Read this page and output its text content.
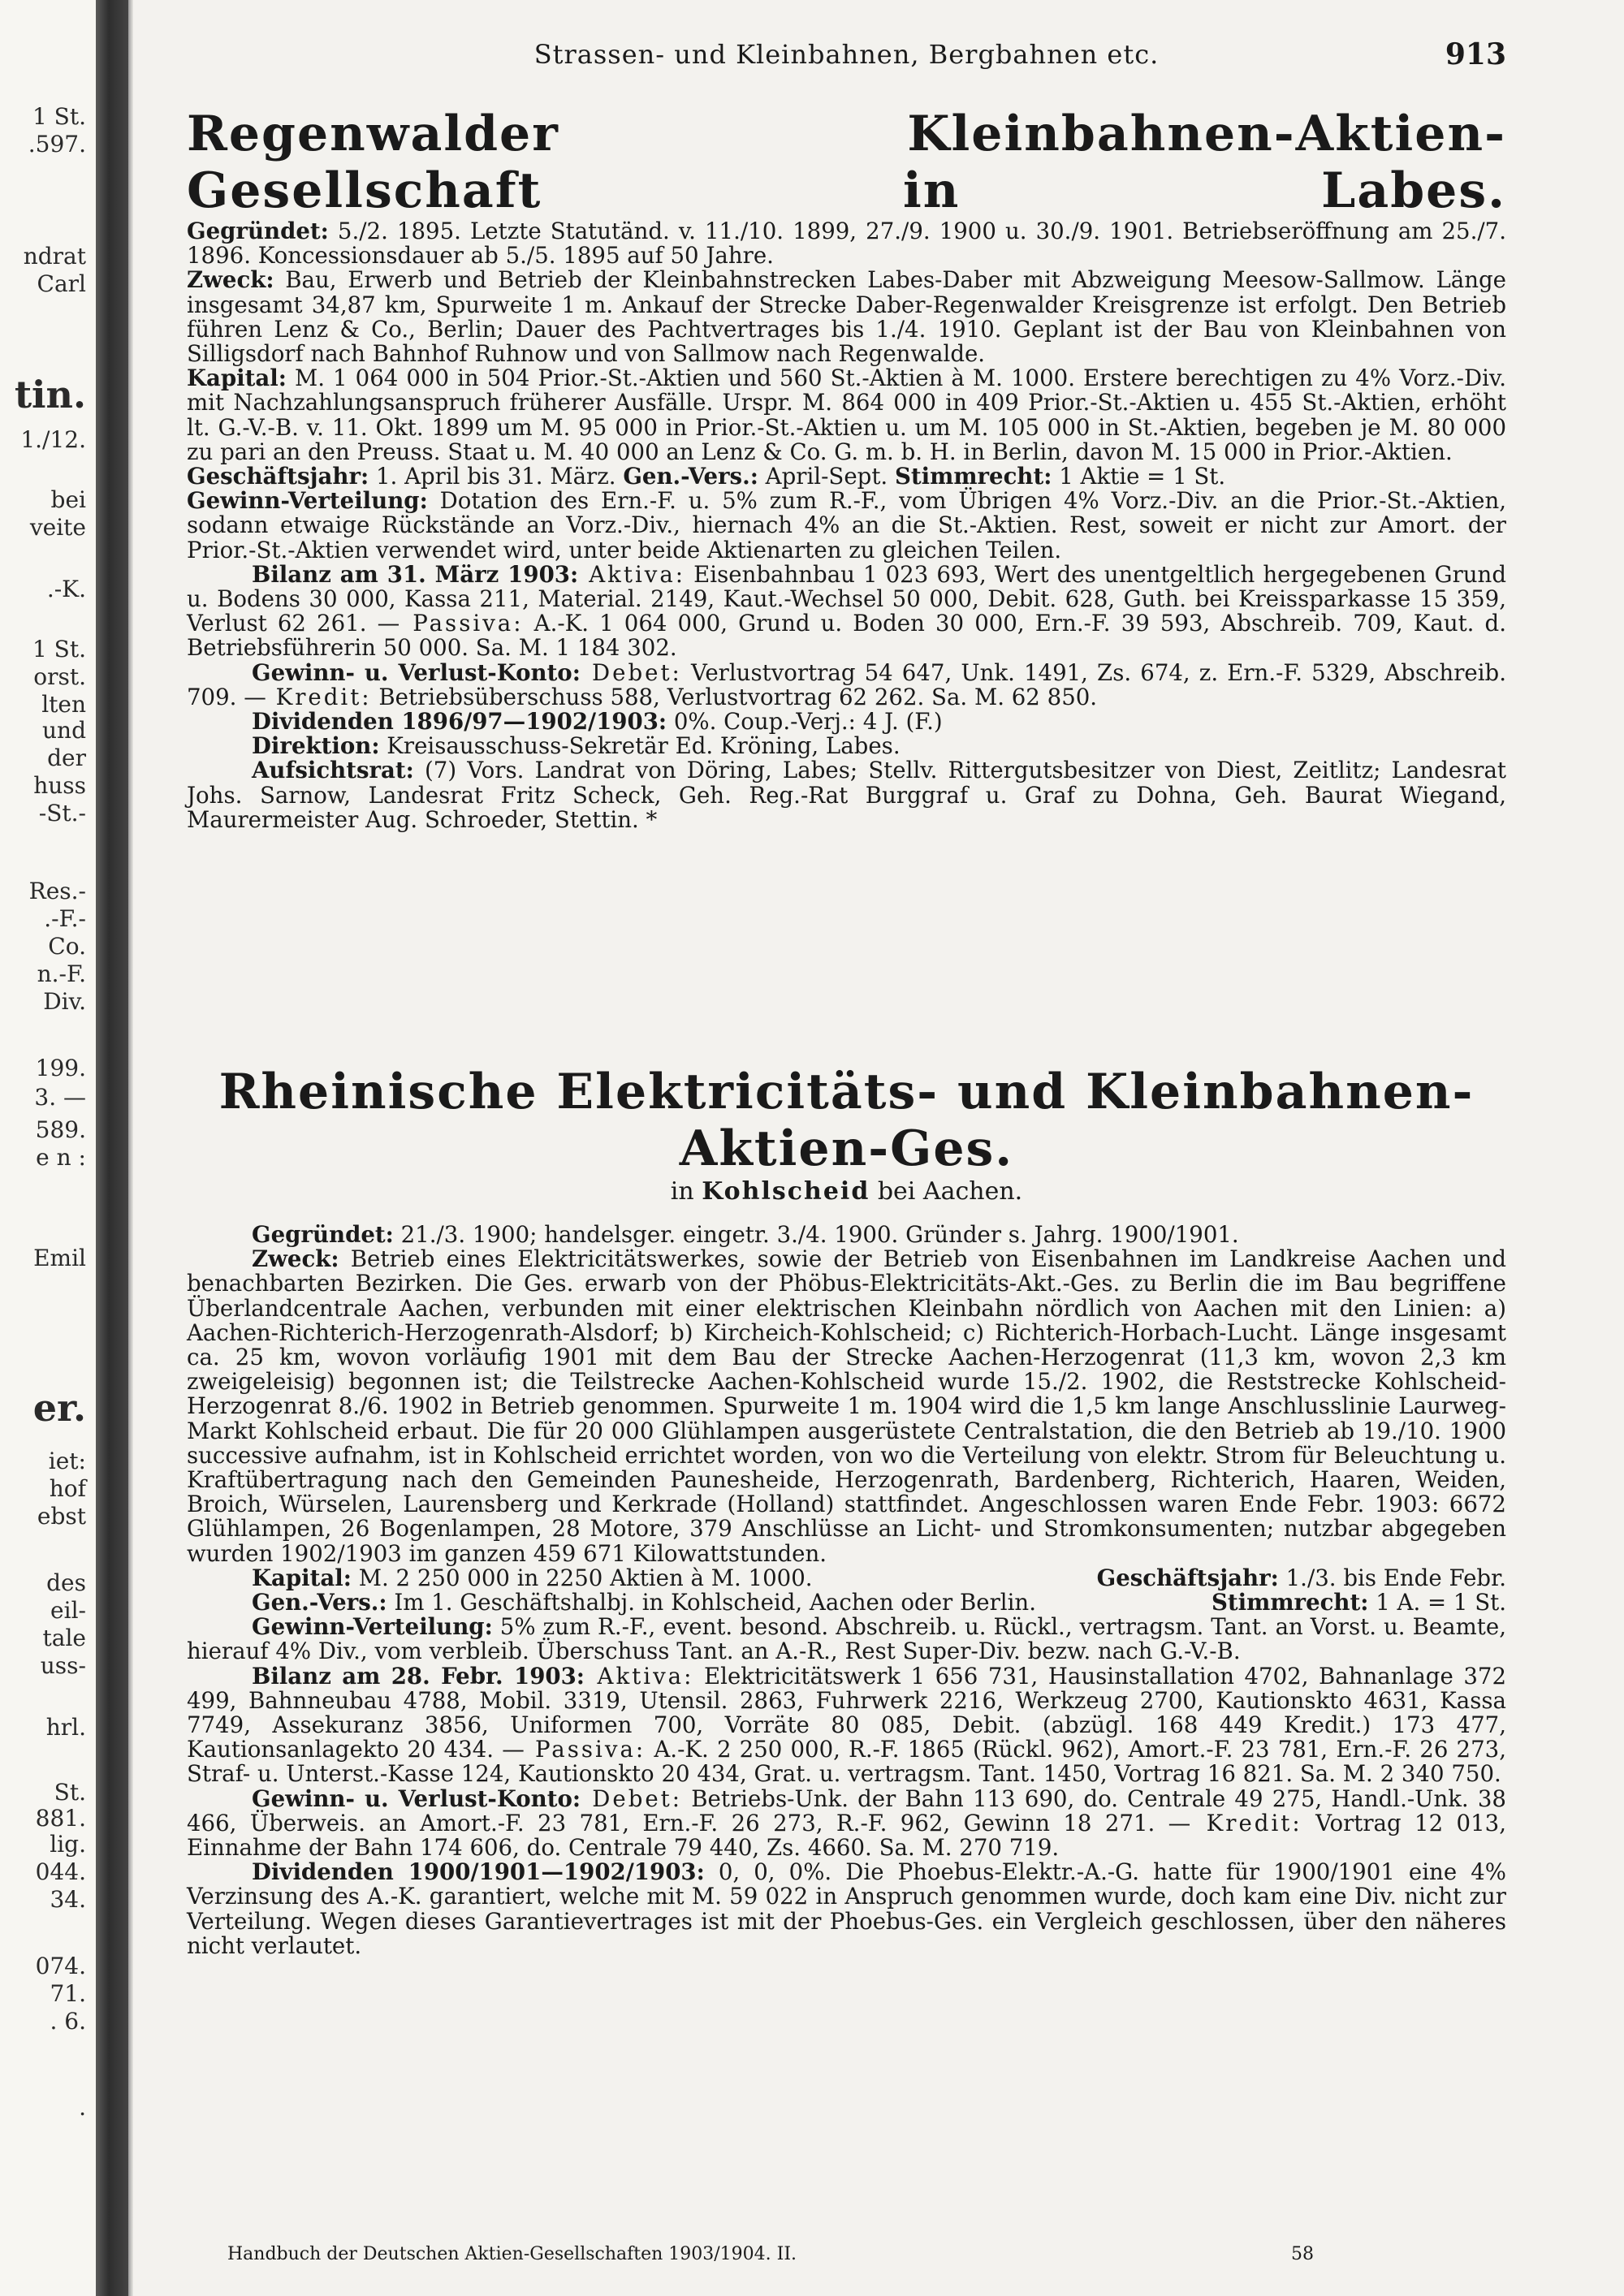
1 St.
.597.
ndrat
Carl
tin.
1./12.
bei
veite
.-K.
1 St.
orst.
lten
und
der
huss
-St.-
Res.-
.-F.-
Co.
n.-F.
Div.
199.
3. —
589.
e n :
Emil
er.
iet:
hof
ebst
des
eil-
tale
uss-
hrl.
St.
881.
lig.
044.
34.
074.
71.
. 6.
.
Strassen- und Kleinbahnen, Bergbahnen etc.	913
Regenwalder Kleinbahnen-Aktien-Gesellschaft in Labes.

Gegründet: 5./2. 1895. Letzte Statutänd. v. 11./10. 1899, 27./9. 1900 u. 30./9. 1901. Betriebseröffnung am 25./7. 1896. Koncessionsdauer ab 5./5. 1895 auf 50 Jahre.

Zweck: Bau, Erwerb und Betrieb der Kleinbahnstrecken Labes-Daber mit Abzweigung Meesow-Sallmow. Länge insgesamt 34,87 km, Spurweite 1 m. Ankauf der Strecke Daber-Regenwalder Kreisgrenze ist erfolgt. Den Betrieb führen Lenz & Co., Berlin; Dauer des Pachtvertrages bis 1./4. 1910. Geplant ist der Bau von Kleinbahnen von Silligsdorf nach Bahnhof Ruhnow und von Sallmow nach Regenwalde.

Kapital: M. 1 064 000 in 504 Prior.-St.-Aktien und 560 St.-Aktien à M. 1000. Erstere berechtigen zu 4% Vorz.-Div. mit Nachzahlungsanspruch früherer Ausfälle. Urspr. M. 864 000 in 409 Prior.-St.-Aktien u. 455 St.-Aktien, erhöht lt. G.-V.-B. v. 11. Okt. 1899 um M. 95 000 in Prior.-St.-Aktien u. um M. 105 000 in St.-Aktien, begeben je M. 80 000 zu pari an den Preuss. Staat u. M. 40 000 an Lenz & Co. G. m. b. H. in Berlin, davon M. 15 000 in Prior.-Aktien.

Geschäftsjahr: 1. April bis 31. März. Gen.-Vers.: April-Sept. Stimmrecht: 1 Aktie = 1 St.

Gewinn-Verteilung: Dotation des Ern.-F. u. 5% zum R.-F., vom Übrigen 4% Vorz.-Div. an die Prior.-St.-Aktien, sodann etwaige Rückstände an Vorz.-Div., hiernach 4% an die St.-Aktien. Rest, soweit er nicht zur Amort. der Prior.-St.-Aktien verwendet wird, unter beide Aktienarten zu gleichen Teilen.

Bilanz am 31. März 1903: Aktiva: Eisenbahnbau 1 023 693, Wert des unentgeltlich hergegebenen Grund u. Bodens 30 000, Kassa 211, Material. 2149, Kaut.-Wechsel 50 000, Debit. 628, Guth. bei Kreissparkasse 15 359, Verlust 62 261. — Passiva: A.-K. 1 064 000, Grund u. Boden 30 000, Ern.-F. 39 593, Abschreib. 709, Kaut. d. Betriebsführerin 50 000. Sa. M. 1 184 302.

Gewinn- u. Verlust-Konto: Debet: Verlustvortrag 54 647, Unk. 1491, Zs. 674, z. Ern.-F. 5329, Abschreib. 709. — Kredit: Betriebsüberschuss 588, Verlustvortrag 62 262. Sa. M. 62 850.

Dividenden 1896/97—1902/1903: 0%. Coup.-Verj.: 4 J. (F.)

Direktion: Kreisausschuss-Sekretär Ed. Kröning, Labes.

Aufsichtsrat: (7) Vors. Landrat von Döring, Labes; Stellv. Rittergutsbesitzer von Diest, Zeitlitz; Landesrat Johs. Sarnow, Landesrat Fritz Scheck, Geh. Reg.-Rat Burggraf u. Graf zu Dohna, Geh. Baurat Wiegand, Maurermeister Aug. Schroeder, Stettin. *

Rheinische Elektricitäts- und Kleinbahnen-Aktien-Ges.

in Kohlscheid bei Aachen.

Gegründet: 21./3. 1900; handelsger. eingetr. 3./4. 1900. Gründer s. Jahrg. 1900/1901.

Zweck: Betrieb eines Elektricitätswerkes, sowie der Betrieb von Eisenbahnen im Landkreise Aachen und benachbarten Bezirken. Die Ges. erwarb von der Phöbus-Elektricitäts-Akt.-Ges. zu Berlin die im Bau begriffene Überlandcentrale Aachen, verbunden mit einer elektrischen Kleinbahn nördlich von Aachen mit den Linien: a) Aachen-Richterich-Herzogenrath-Alsdorf; b) Kircheich-Kohlscheid; c) Richterich-Horbach-Lucht. Länge insgesamt ca. 25 km, wovon vorläufig 1901 mit dem Bau der Strecke Aachen-Herzogenrat (11,3 km, wovon 2,3 km zweigeleisig) begonnen ist; die Teilstrecke Aachen-Kohlscheid wurde 15./2. 1902, die Reststrecke Kohlscheid-Herzogenrat 8./6. 1902 in Betrieb genommen. Spurweite 1 m. 1904 wird die 1,5 km lange Anschlusslinie Laurweg-Markt Kohlscheid erbaut. Die für 20 000 Glühlampen ausgerüstete Centralstation, die den Betrieb ab 19./10. 1900 successive aufnahm, ist in Kohlscheid errichtet worden, von wo die Verteilung von elektr. Strom für Beleuchtung u. Kraftübertragung nach den Gemeinden Paunesheide, Herzogenrath, Bardenberg, Richterich, Haaren, Weiden, Broich, Würselen, Laurensberg und Kerkrade (Holland) stattfindet. Angeschlossen waren Ende Febr. 1903: 6672 Glühlampen, 26 Bogenlampen, 28 Motore, 379 Anschlüsse an Licht- und Stromkonsumenten; nutzbar abgegeben wurden 1902/1903 im ganzen 459 671 Kilowattstunden.

Kapital: M. 2 250 000 in 2250 Aktien à M. 1000.	Geschäftsjahr: 1./3. bis Ende Febr.
Gen.-Vers.: Im 1. Geschäftshalbj. in Kohlscheid, Aachen oder Berlin.	Stimmrecht: 1 A. = 1 St.

Gewinn-Verteilung: 5% zum R.-F., event. besond. Abschreib. u. Rückl., vertragsm. Tant. an Vorst. u. Beamte, hierauf 4% Div., vom verbleib. Überschuss Tant. an A.-R., Rest Super-Div. bezw. nach G.-V.-B.

Bilanz am 28. Febr. 1903: Aktiva: Elektricitätswerk 1 656 731, Hausinstallation 4702, Bahnanlage 372 499, Bahnneubau 4788, Mobil. 3319, Utensil. 2863, Fuhrwerk 2216, Werkzeug 2700, Kautionskto 4631, Kassa 7749, Assekuranz 3856, Uniformen 700, Vorräte 80 085, Debit. (abzügl. 168 449 Kredit.) 173 477, Kautionsanlagekto 20 434. — Passiva: A.-K. 2 250 000, R.-F. 1865 (Rückl. 962), Amort.-F. 23 781, Ern.-F. 26 273, Straf- u. Unterst.-Kasse 124, Kautionskto 20 434, Grat. u. vertragsm. Tant. 1450, Vortrag 16 821. Sa. M. 2 340 750.

Gewinn- u. Verlust-Konto: Debet: Betriebs-Unk. der Bahn 113 690, do. Centrale 49 275, Handl.-Unk. 38 466, Überweis. an Amort.-F. 23 781, Ern.-F. 26 273, R.-F. 962, Gewinn 18 271. — Kredit: Vortrag 12 013, Einnahme der Bahn 174 606, do. Centrale 79 440, Zs. 4660. Sa. M. 270 719.

Dividenden 1900/1901—1902/1903: 0, 0, 0%. Die Phoebus-Elektr.-A.-G. hatte für 1900/1901 eine 4% Verzinsung des A.-K. garantiert, welche mit M. 59 022 in Anspruch genommen wurde, doch kam eine Div. nicht zur Verteilung. Wegen dieses Garantievertrages ist mit der Phoebus-Ges. ein Vergleich geschlossen, über den näheres nicht verlautet.

Handbuch der Deutschen Aktien-Gesellschaften 1903/1904. II.	58
